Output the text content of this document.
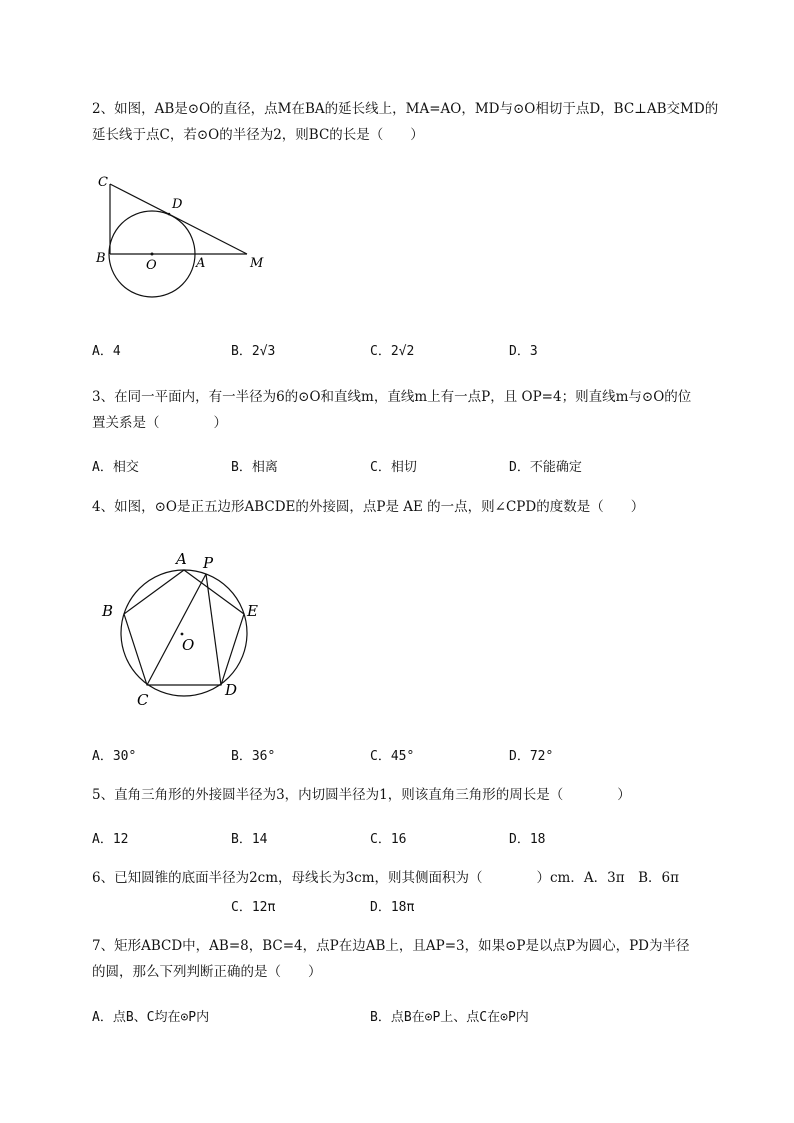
2、如图，AB是⊙O的直径，点M在BA的延长线上，MA=AO，MD与⊙O相切于点D，BC⊥AB交MD的
延长线于点C，若⊙O的半径为2，则BC的长是（　　）
C
D
B	O	A	M
A．4	B．2√3	C．2√2	D．3
3、在同一平面内，有一半径为6的⊙O和直线m，直线m上有一点P，且 OP=4；则直线m与⊙O的位
置关系是（　　　　）
A．相交	B．相离	C．相切	D．不能确定
4、如图，⊙O是正五边形ABCDE的外接圆，点P是 AE 的一点，则∠CPD的度数是（　　）
A P
B	E
O
C
D
A．30°	B．36°	C．45°	D．72°
5、直角三角形的外接圆半径为3，内切圆半径为1，则该直角三角形的周长是（　　　　）
A．12	B．14	C．16	D．18
6、已知圆锥的底面半径为2cm，母线长为3cm，则其侧面积为（　　　　）cm．A．3π　B．6π
C．12π	D．18π
7、矩形ABCD中，AB=8，BC=4，点P在边AB上，且AP=3，如果⊙P是以点P为圆心，PD为半径
的圆，那么下列判断正确的是（　　）
A．点B、C均在⊙P内	B．点B在⊙P上、点C在⊙P内
